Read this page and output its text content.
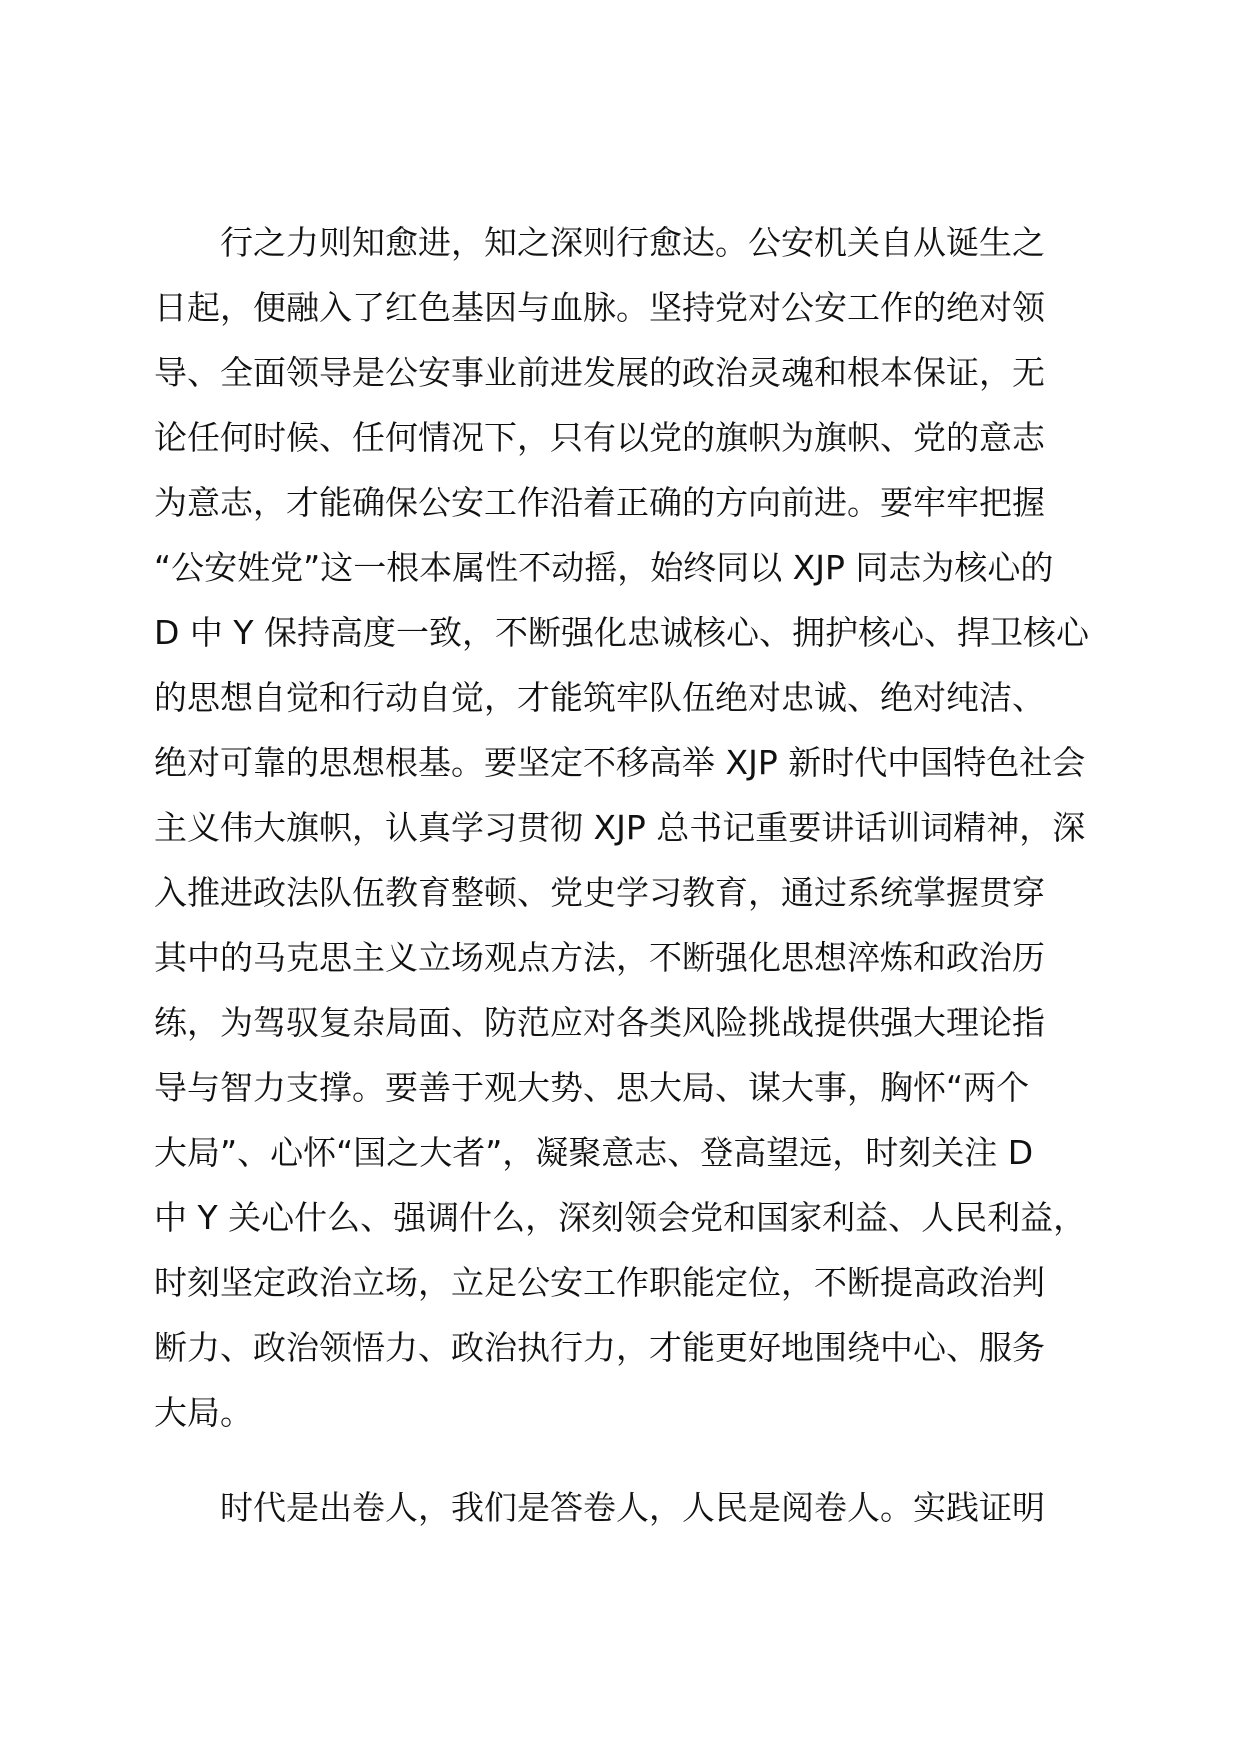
行之力则知愈进，知之深则行愈达。公安机关自从诞生之
日起，便融入了红色基因与血脉。坚持党对公安工作的绝对领
导、全面领导是公安事业前进发展的政治灵魂和根本保证，无
论任何时候、任何情况下，只有以党的旗帜为旗帜、党的意志
为意志，才能确保公安工作沿着正确的方向前进。要牢牢把握
“公安姓党”这一根本属性不动摇，始终同以 XJP 同志为核心的
D 中 Y 保持高度一致，不断强化忠诚核心、拥护核心、捍卫核心
的思想自觉和行动自觉，才能筑牢队伍绝对忠诚、绝对纯洁、
绝对可靠的思想根基。要坚定不移高举 XJP 新时代中国特色社会
主义伟大旗帜，认真学习贯彻 XJP 总书记重要讲话训词精神，深
入推进政法队伍教育整顿、党史学习教育，通过系统掌握贯穿
其中的马克思主义立场观点方法，不断强化思想淬炼和政治历
练，为驾驭复杂局面、防范应对各类风险挑战提供强大理论指
导与智力支撑。要善于观大势、思大局、谋大事，胸怀“两个
大局”、心怀“国之大者”，凝聚意志、登高望远，时刻关注 D
中 Y 关心什么、强调什么，深刻领会党和国家利益、人民利益，
时刻坚定政治立场，立足公安工作职能定位，不断提高政治判
断力、政治领悟力、政治执行力，才能更好地围绕中心、服务
大局。
时代是出卷人，我们是答卷人，人民是阅卷人。实践证明
